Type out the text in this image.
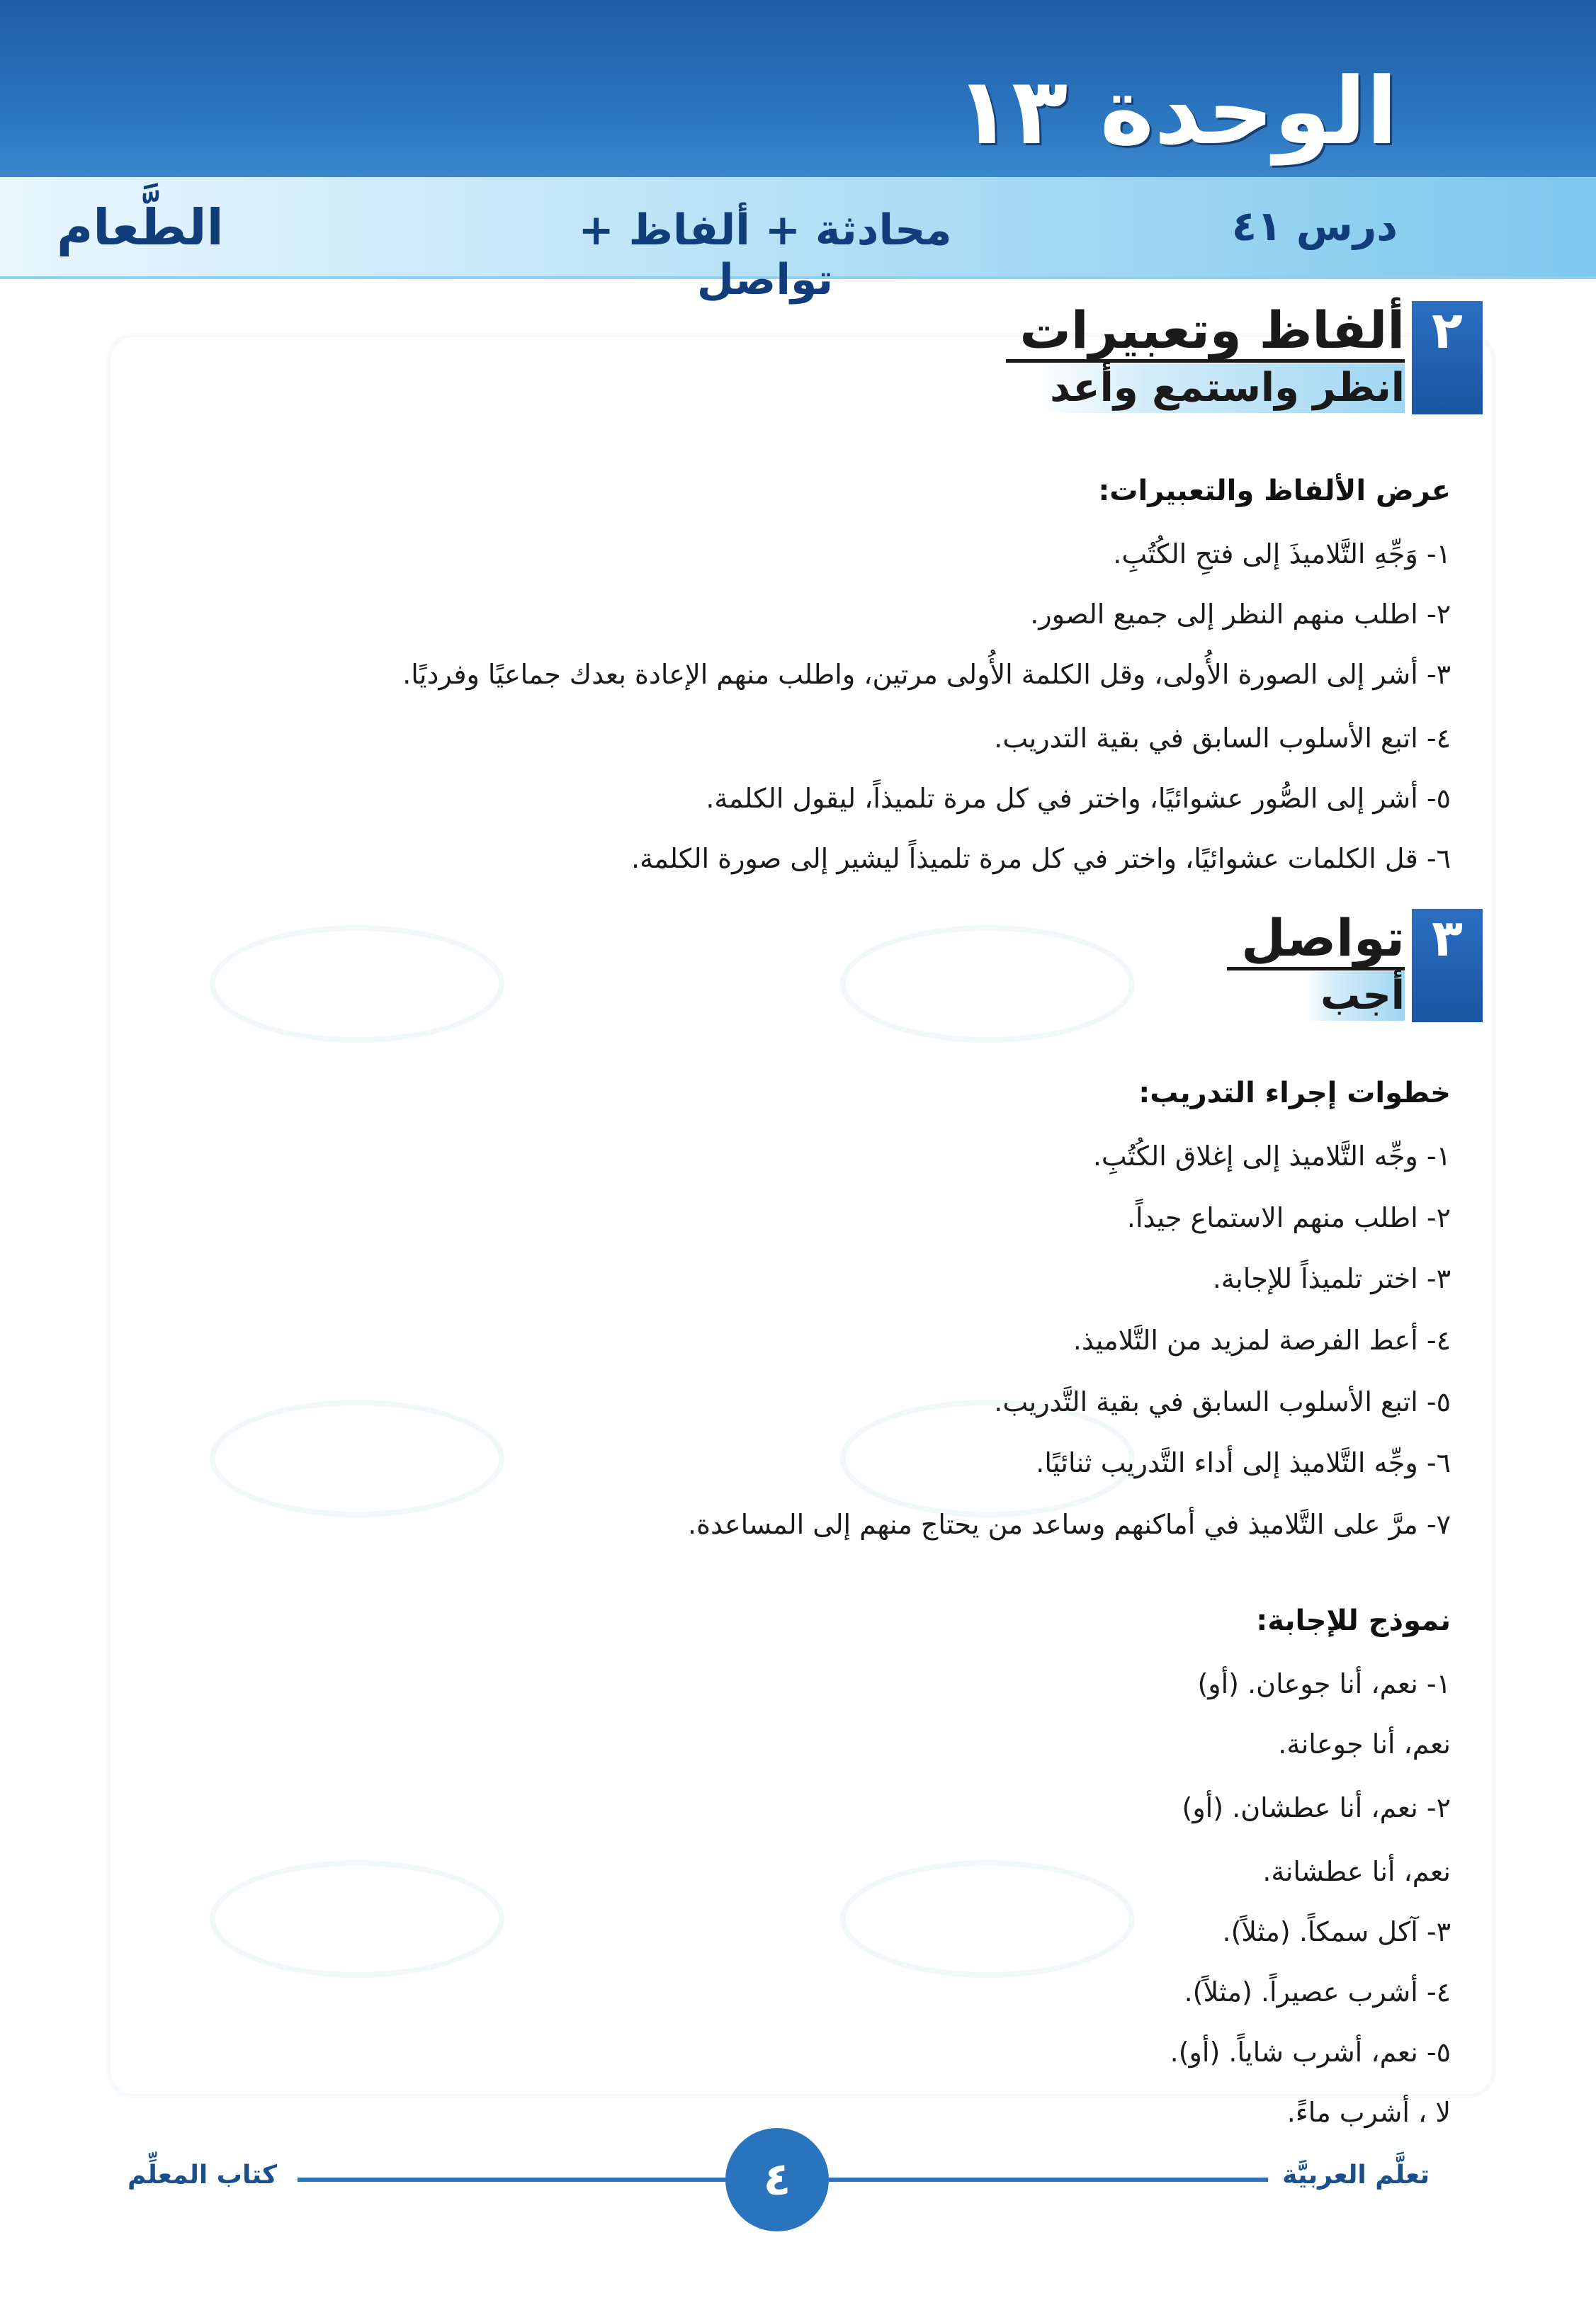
الوحدة ١٣
درس ٤١
محادثة + ألفاظ + تواصل
الطَّعام
٢
ألفاظ وتعبيرات
انظر واستمع وأعد
عرض الألفاظ والتعبيرات:
١- وَجِّهِ التَّلاميذَ إلى فتحِ الكُتُبِ.
٢- اطلب منهم النظر إلى جميع الصور.
٣- أشر إلى الصورة الأُولى، وقل الكلمة الأُولى مرتين، واطلب منهم الإعادة بعدك جماعيًا وفرديًا.
٤- اتبع الأسلوب السابق في بقية التدريب.
٥- أشر إلى الصُّور عشوائيًا، واختر في كل مرة تلميذاً، ليقول الكلمة.
٦- قل الكلمات عشوائيًا، واختر في كل مرة تلميذاً ليشير إلى صورة الكلمة.
٣
تواصل
أجب
خطوات إجراء التدريب:
١- وجِّه التَّلاميذ إلى إغلاق الكُتُبِ.
٢- اطلب منهم الاستماع جيداً.
٣- اختر تلميذاً للإجابة.
٤- أعط الفرصة لمزيد من التَّلاميذ.
٥- اتبع الأسلوب السابق في بقية التَّدريب.
٦- وجِّه التَّلاميذ إلى أداء التَّدريب ثنائيًا.
٧- مرَّ على التَّلاميذ في أماكنهم وساعد من يحتاج منهم إلى المساعدة.
نموذج للإجابة:
١- نعم، أنا جوعان. (أو)
نعم، أنا جوعانة.
٢- نعم، أنا عطشان. (أو)
نعم، أنا عطشانة.
٣- آكل سمكاً. (مثلاً).
٤- أشرب عصيراً. (مثلاً).
٥- نعم، أشرب شاياً. (أو).
لا ، أشرب ماءً.
٤
كتاب المعلِّم	تعلَّم العربيَّة
